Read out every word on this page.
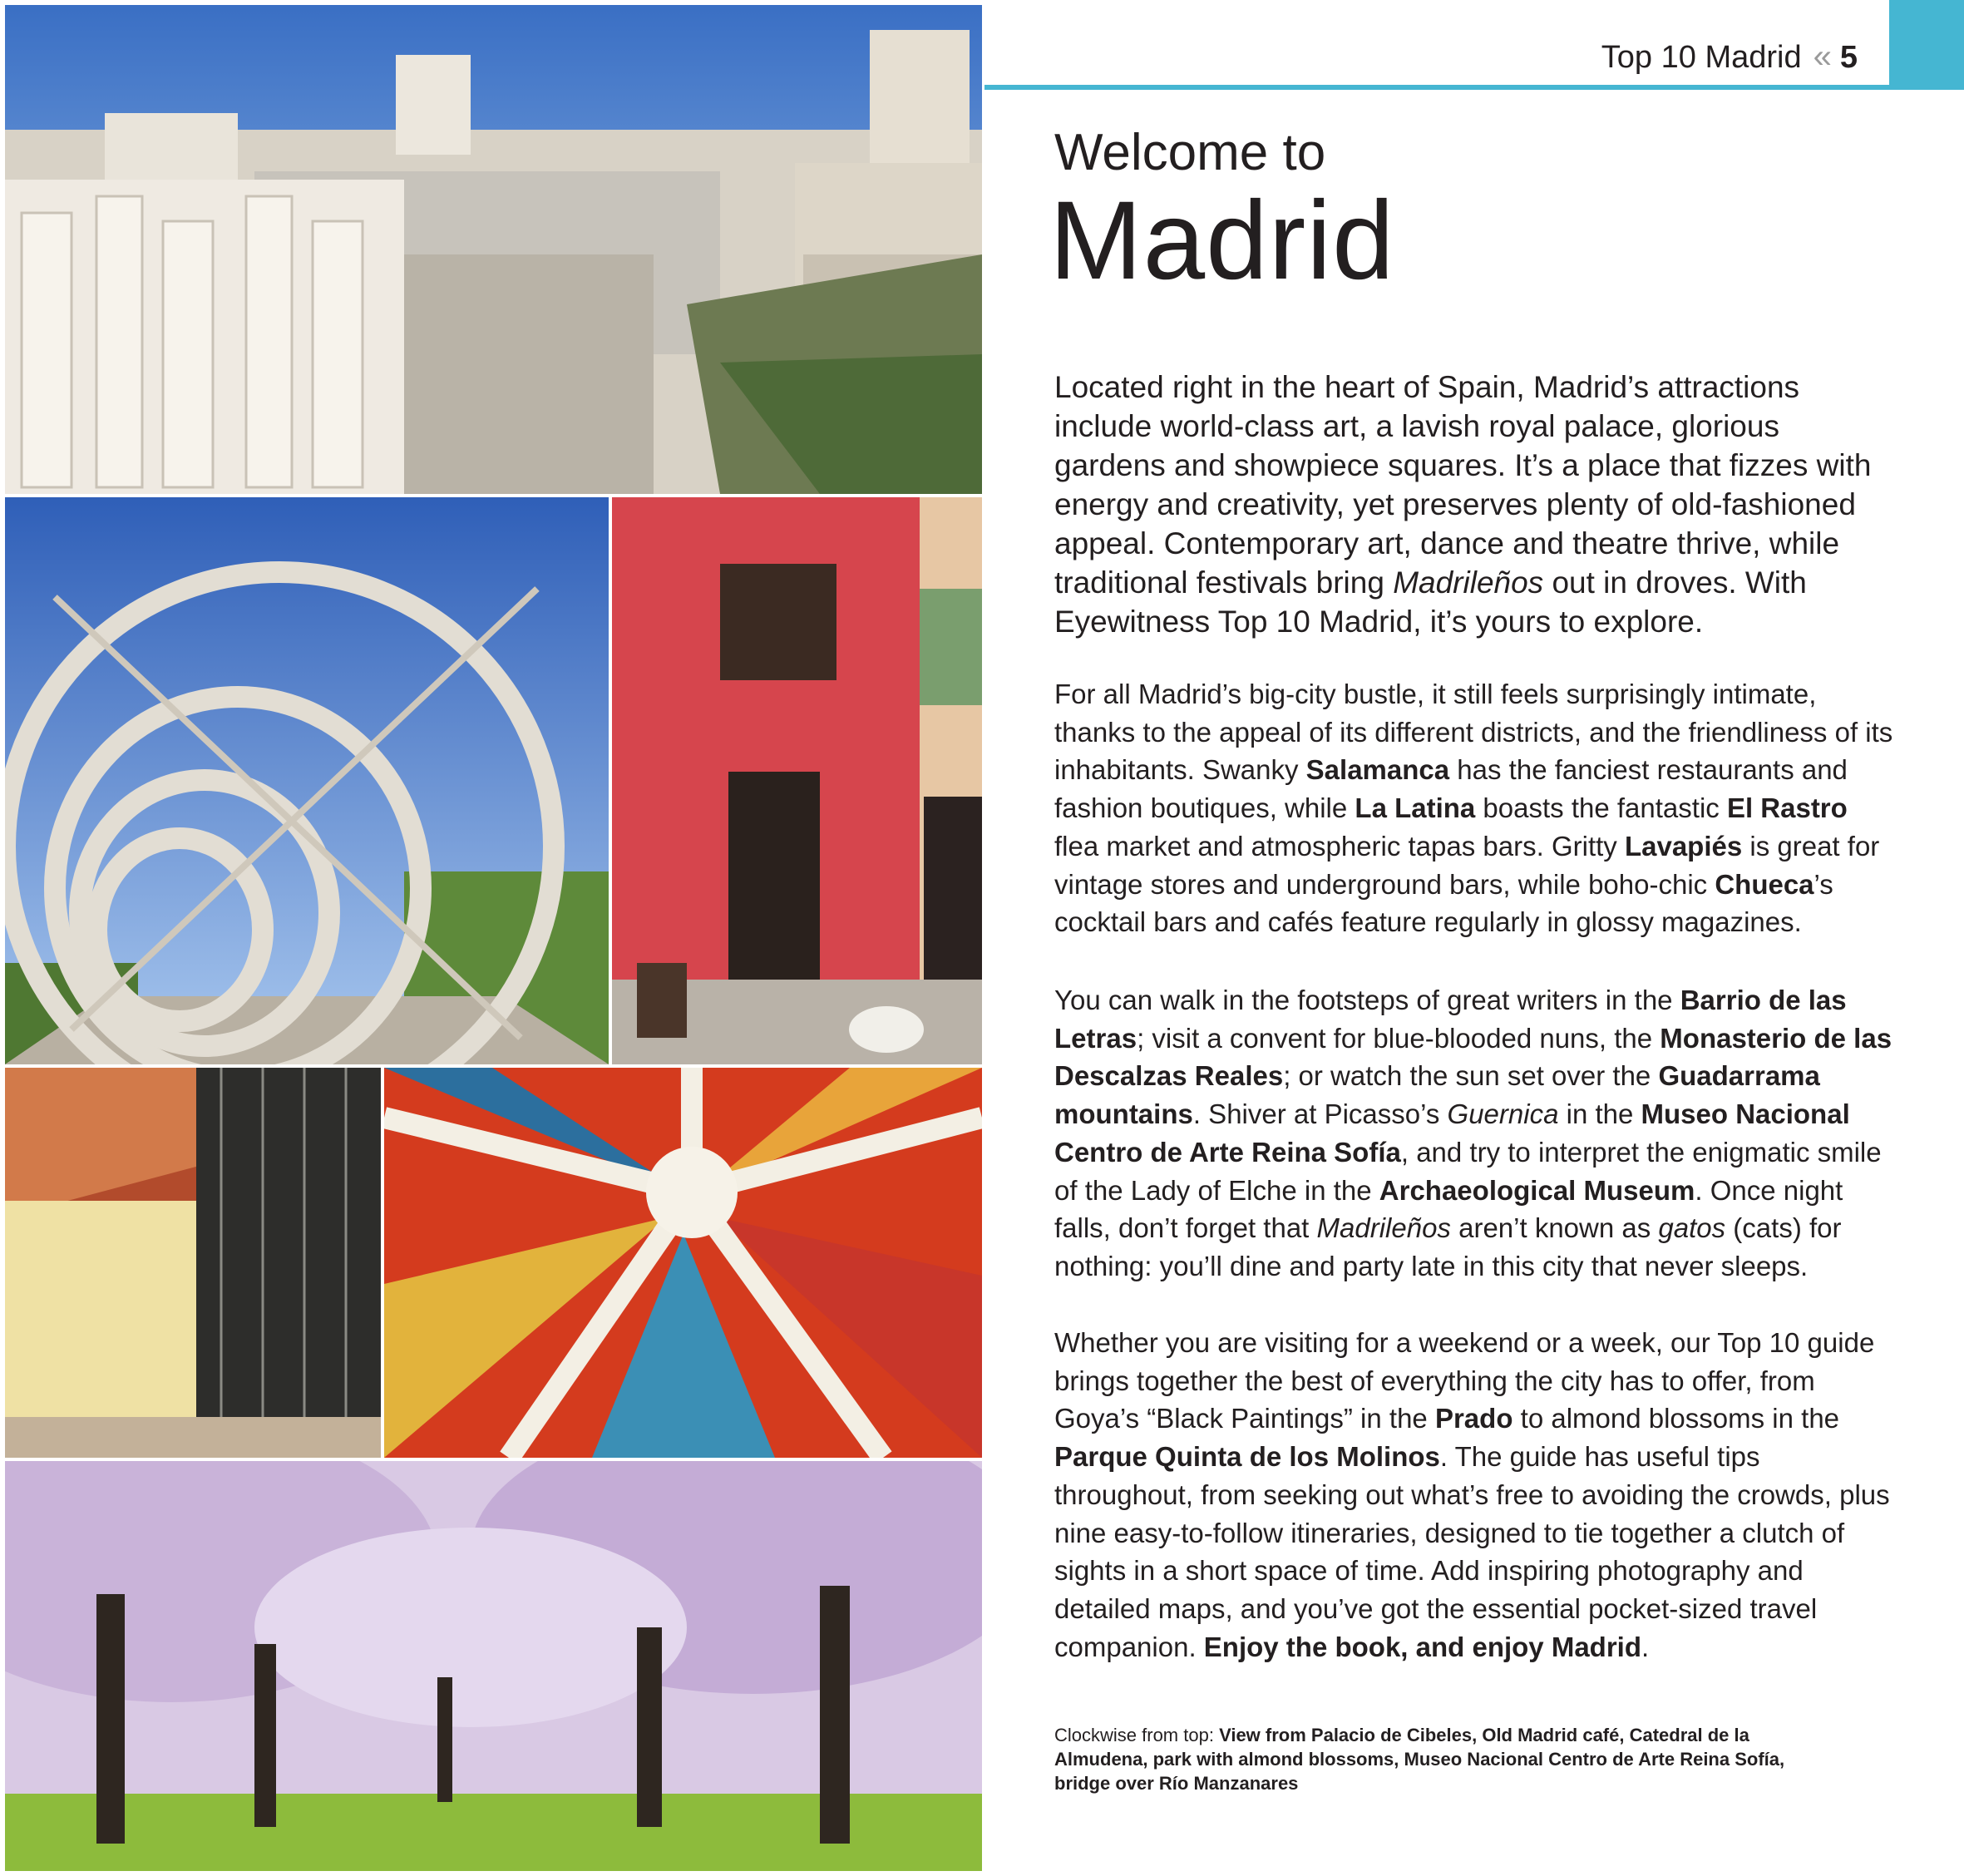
Top 10 Madrid « 5
Welcome to
Madrid

Located right in the heart of Spain, Madrid’s attractions include world-class art, a lavish royal palace, glorious gardens and showpiece squares. It’s a place that fizzes with energy and creativity, yet preserves plenty of old-fashioned appeal. Contemporary art, dance and theatre thrive, while traditional festivals bring Madrileños out in droves. With Eyewitness Top 10 Madrid, it’s yours to explore.

For all Madrid’s big-city bustle, it still feels surprisingly intimate, thanks to the appeal of its different districts, and the friendliness of its inhabitants. Swanky Salamanca has the fanciest restaurants and fashion boutiques, while La Latina boasts the fantastic El Rastro flea market and atmospheric tapas bars. Gritty Lavapiés is great for vintage stores and underground bars, while boho-chic Chueca’s cocktail bars and cafés feature regularly in glossy magazines.

You can walk in the footsteps of great writers in the Barrio de las Letras; visit a convent for blue-blooded nuns, the Monasterio de las Descalzas Reales; or watch the sun set over the Guadarrama mountains. Shiver at Picasso’s Guernica in the Museo Nacional Centro de Arte Reina Sofía, and try to interpret the enigmatic smile of the Lady of Elche in the Archaeological Museum. Once night falls, don’t forget that Madrileños aren’t known as gatos (cats) for nothing: you’ll dine and party late in this city that never sleeps.

Whether you are visiting for a weekend or a week, our Top 10 guide brings together the best of everything the city has to offer, from Goya’s “Black Paintings” in the Prado to almond blossoms in the Parque Quinta de los Molinos. The guide has useful tips throughout, from seeking out what’s free to avoiding the crowds, plus nine easy-to-follow itineraries, designed to tie together a clutch of sights in a short space of time. Add inspiring photography and detailed maps, and you’ve got the essential pocket-sized travel companion. Enjoy the book, and enjoy Madrid.

Clockwise from top: View from Palacio de Cibeles, Old Madrid café, Catedral de la Almudena, park with almond blossoms, Museo Nacional Centro de Arte Reina Sofía, bridge over Río Manzanares
